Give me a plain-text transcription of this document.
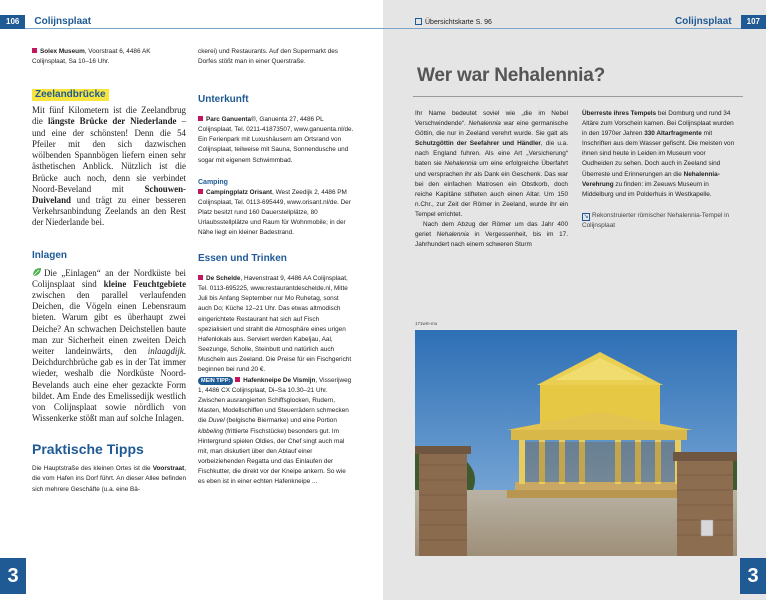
106	Colijnsplaat
Solex Museum, Voorstraat 6, 4486 AK Colijnsplaat, Sa 10–16 Uhr.
Zeelandbrücke
Mit fünf Kilometern ist die Zeelandbrug die längste Brücke der Niederlande – und eine der schönsten! Denn die 54 Pfeiler mit den sich dazwischen wölbenden Spannbögen liefern einen sehr ästhetischen Anblick. Nützlich ist die Brücke auch noch, denn sie verbindet Noord-Beveland mit Schouwen-Duiveland und trägt zu einer besseren Verkehrsanbindung Zeelands an den Rest der Niederlande bei.
Inlagen
Die „Einlagen“ an der Nordküste bei Colijnsplaat sind kleine Feuchtgebiete zwischen den parallel verlaufenden Deichen, die Vögeln einen Lebensraum bieten. Warum gibt es überhaupt zwei Deiche? An schwachen Deichstellen baute man zur Sicherheit einen zweiten Deich weiter landeinwärts, den inlaagdijk. Deichdurchbrüche gab es in der Tat immer wieder, weshalb die Nordküste Noord-Bevelands auch eine eher gezackte Form bildet. Am Ende des Emelissedijk westlich von Colijnsplaat sowie nördlich von Wissenkerke stößt man auf solche Inlagen.
Praktische Tipps
Die Hauptstraße des kleinen Ortes ist die Voorstraat, die vom Hafen ins Dorf führt. An dieser Allee befinden sich mehrere Geschäfte (u.a. eine Bä-
ckerei) und Restaurants. Auf den Supermarkt des Dorfes stößt man in einer Querstraße.
Unterkunft
Parc Ganuenta®, Ganuenta 27, 4486 PL Colijnsplaat, Tel. 0211-41873507, www.ganuenta.nl/de. Ein Ferienpark mit Luxushäusern am Ortsrand von Colijnsplaat, teilweise mit Sauna, Sonnendusche und sogar mit eigenem Schwimmbad.
Camping
Campingplatz Orisant, West Zeedijk 2, 4486 PM Colijnsplaat, Tel. 0113-695449, www.orisant.nl/de. Der Platz besitzt rund 160 Dauerstellplätze, 80 Urlaubsstellplätze und Raum für Wohnmobile; in der Nähe liegt ein kleiner Badestrand.
Essen und Trinken
De Schelde, Havenstraat 9, 4486 AA Colijnsplaat, Tel. 0113-695225, www.restaurantdeschelde.nl, Mitte Juli bis Anfang September nur Mo Ruhetag, sonst auch Do; Küche 12–21 Uhr. Das etwas altmodisch eingerichtete Restaurant hat sich auf Fisch spezialisiert und strahlt die Atmosphäre eines urigen Hafenlokals aus. Serviert werden Kabeljau, Aal, Seezunge, Scholle, Steinbutt und natürlich auch Muscheln aus Zeeland. Die Preise für ein Fischgericht beginnen bei rund 20 €.
MEIN TIPP: Hafenkneipe De Vismijn, Visserijweg 1, 4486 CX Colijnsplaat, Di–Sa 10.30–21 Uhr. Zwischen ausrangierten Schiffsglocken, Rudern, Masten, Modellschiffen und Steuerrädern schmecken die Duvel (belgische Biermarke) und eine Portion kibbeling (frittierte Fischstücke) besonders gut. Im Hintergrund spielen Oldies, der Chef singt auch mal mit, man diskutiert über den Ablauf einer vorbeiziehenden Regatta und das Einlaufen der Fischkutter, die direkt vor der Kneipe ankern. So wie es eben ist in einer echten Hafenkneipe ...
3
Übersichtskarte S. 96	Colijnsplaat	107
Wer war Nehalennia?
Ihr Name bedeutet soviel wie „die im Nebel Verschwindende“. Nehalennia war eine germanische Göttin, die nur in Zeeland verehrt wurde. Sie galt als Schutzgöttin der Seefahrer und Händler, die u.a. nach England fuhren. Als eine Art „Versicherung“ baten sie Nehalennia um eine erfolgreiche Überfahrt und versprachen ihr als Dank ein Geschenk. Das war bei den einfachen Matrosen ein Obstkorb, doch reiche Kapitäne stifteten auch einen Altar. Um 150 n.Chr., zur Zeit der Römer in Zeeland, wurde ihr ein Tempel errichtet.
Nach dem Abzug der Römer um das Jahr 400 geriet Nehalennia in Vergessenheit, bis im 17. Jahrhundert nach einem schweren Sturm
Überreste ihres Tempels bei Domburg und rund 34 Altäre zum Vorschein kamen. Bei Colijnsplaat wurden in den 1970er Jahren 330 Altarfragmente mit Inschriften aus dem Wasser gefischt. Die meisten von ihnen sind heute in Leiden im Museum voor Oudheiden zu sehen. Doch auch in Zeeland sind Überreste und Erinnerungen an die Nehalennia-Verehrung zu finden: im Zeeuws Museum in Middelburg und im Polderhuis in Westkapelle.
↘ Rekonstruierter römischer Nehalennia-Tempel in Colijnsplaat
171wm-mo
3
